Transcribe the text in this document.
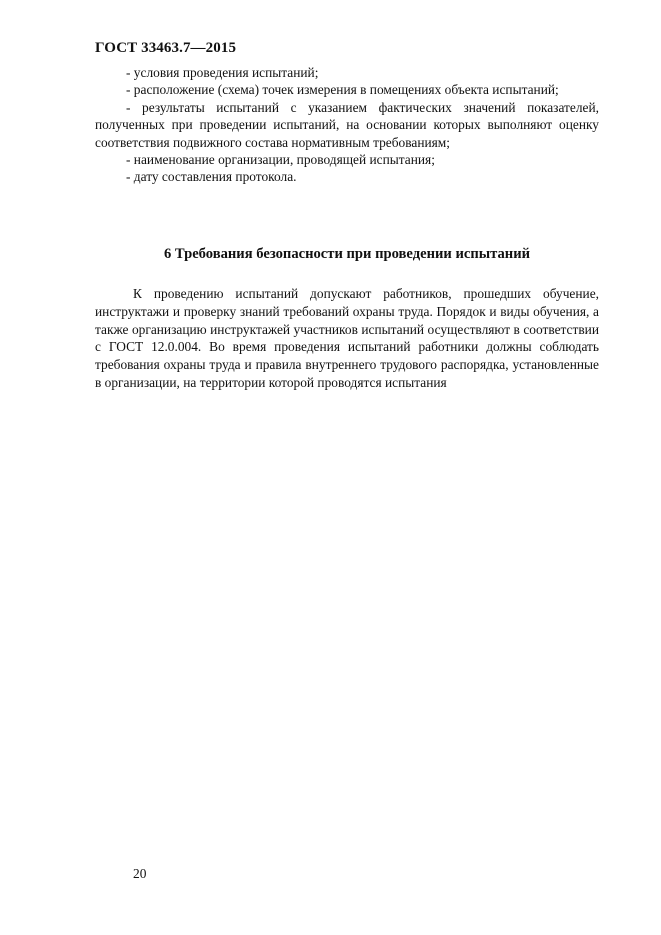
ГОСТ 33463.7—2015

- условия проведения испытаний;

- расположение (схема) точек измерения в помещениях объекта испытаний;

- результаты испытаний с указанием фактических значений показателей, полученных при проведении испытаний, на основании которых выполняют оценку соответствия подвижного состава нормативным требованиям;

- наименование организации, проводящей испытания;

- дату составления протокола.

6 Требования безопасности при проведении испытаний

К проведению испытаний допускают работников, прошедших обучение, инструктажи и проверку знаний требований охраны труда. Порядок и виды обучения, а также организацию инструктажей участников испытаний осуществляют в соответствии с ГОСТ 12.0.004. Во время проведения испытаний работники должны соблюдать требования охраны труда и правила внутреннего трудового распорядка, установленные в организации, на территории которой проводятся испытания

20
